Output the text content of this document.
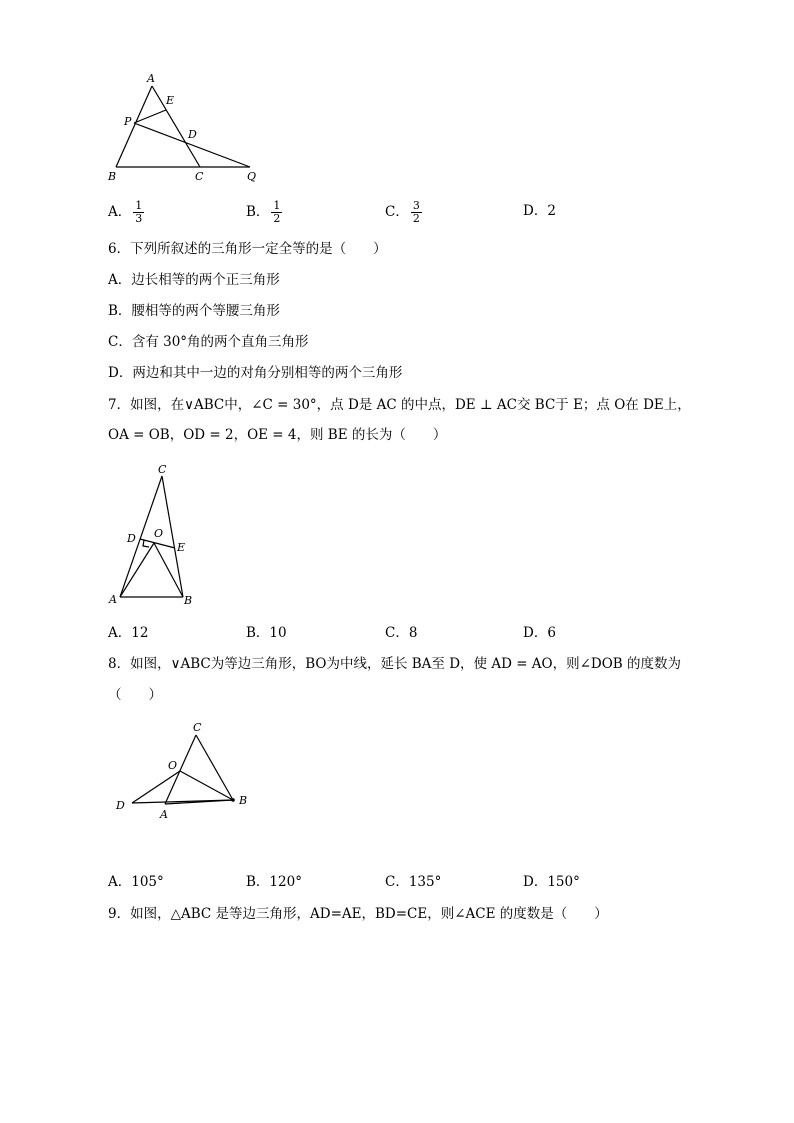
A
E
P
D
B	C	Q
A． $\frac{1}{3}$	B． $\frac{1}{2}$	C． $\frac{3}{2}$	D．2
6．下列所叙述的三角形一定全等的是（　　）
A．边长相等的两个正三角形
B．腰相等的两个等腰三角形
C．含有 30°角的两个直角三角形
D．两边和其中一边的对角分别相等的两个三角形
7．如图，在∨ABC中，∠C = 30°，点 D是 AC 的中点，DE ⊥ AC交 BC于 E；点 O在 DE上，
OA = OB，OD = 2，OE = 4，则 BE 的长为（　　）
C
D O
E
A	B
A．12	B．10	C．8	D．6
8．如图，∨ABC为等边三角形，BO为中线，延长 BA至 D，使 AD = AO，则∠DOB 的度数为
（　　）
C
O
D
A
B
A．105°	B．120°	C．135°	D．150°
9．如图，△ABC 是等边三角形，AD=AE，BD=CE，则∠ACE 的度数是（　　）
